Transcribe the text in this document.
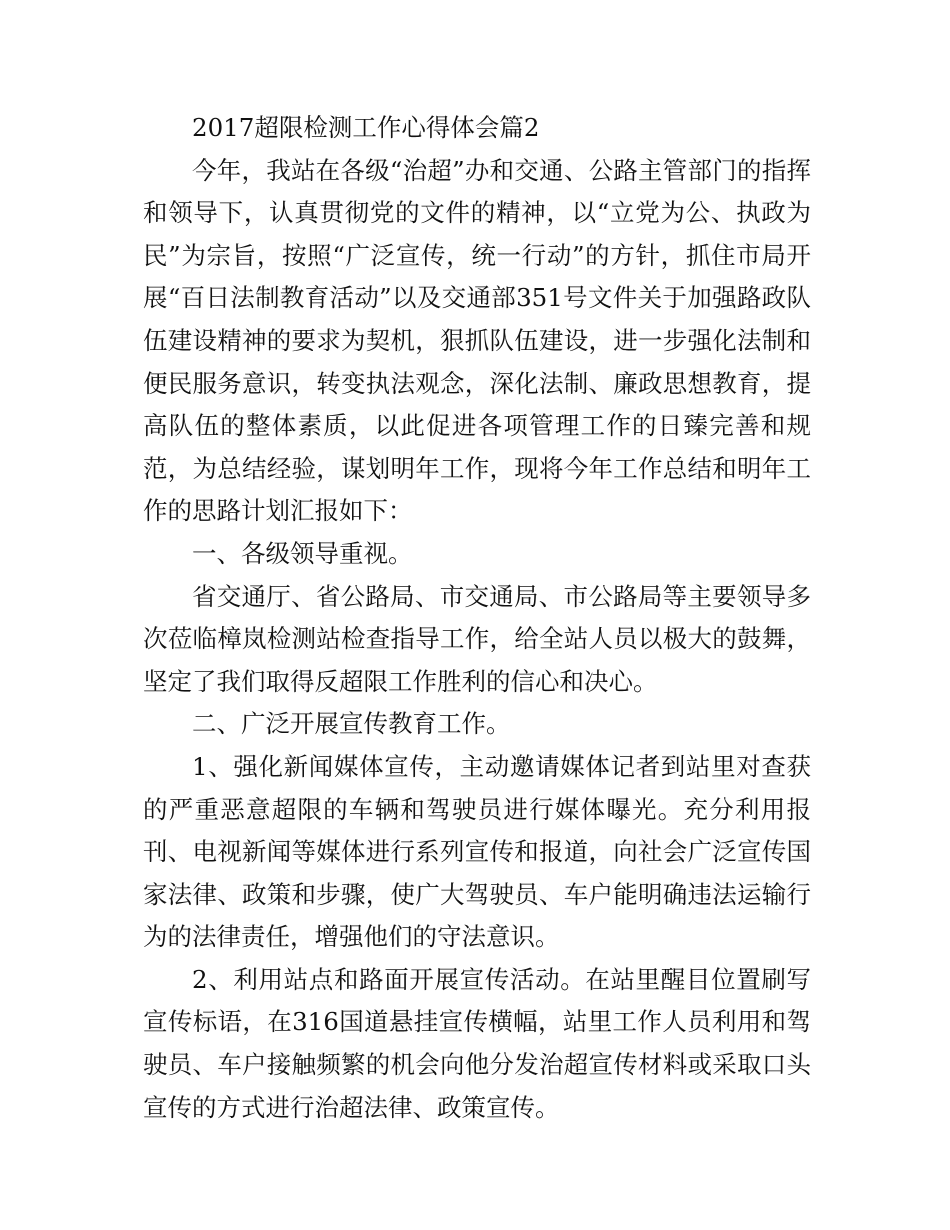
2017超限检测工作心得体会篇2

今年，我站在各级“治超”办和交通、公路主管部门的指挥和领导下，认真贯彻党的文件的精神，以“立党为公、执政为民”为宗旨，按照“广泛宣传，统一行动”的方针，抓住市局开展“百日法制教育活动”以及交通部351号文件关于加强路政队伍建设精神的要求为契机，狠抓队伍建设，进一步强化法制和便民服务意识，转变执法观念，深化法制、廉政思想教育，提高队伍的整体素质，以此促进各项管理工作的日臻完善和规范，为总结经验，谋划明年工作，现将今年工作总结和明年工作的思路计划汇报如下：

一、各级领导重视。

省交通厅、省公路局、市交通局、市公路局等主要领导多次莅临樟岚检测站检查指导工作，给全站人员以极大的鼓舞，坚定了我们取得反超限工作胜利的信心和决心。

二、广泛开展宣传教育工作。

1、强化新闻媒体宣传，主动邀请媒体记者到站里对查获的严重恶意超限的车辆和驾驶员进行媒体曝光。充分利用报刊、电视新闻等媒体进行系列宣传和报道，向社会广泛宣传国家法律、政策和步骤，使广大驾驶员、车户能明确违法运输行为的法律责任，增强他们的守法意识。

2、利用站点和路面开展宣传活动。在站里醒目位置刷写宣传标语，在316国道悬挂宣传横幅，站里工作人员利用和驾驶员、车户接触频繁的机会向他分发治超宣传材料或采取口头宣传的方式进行治超法律、政策宣传。
